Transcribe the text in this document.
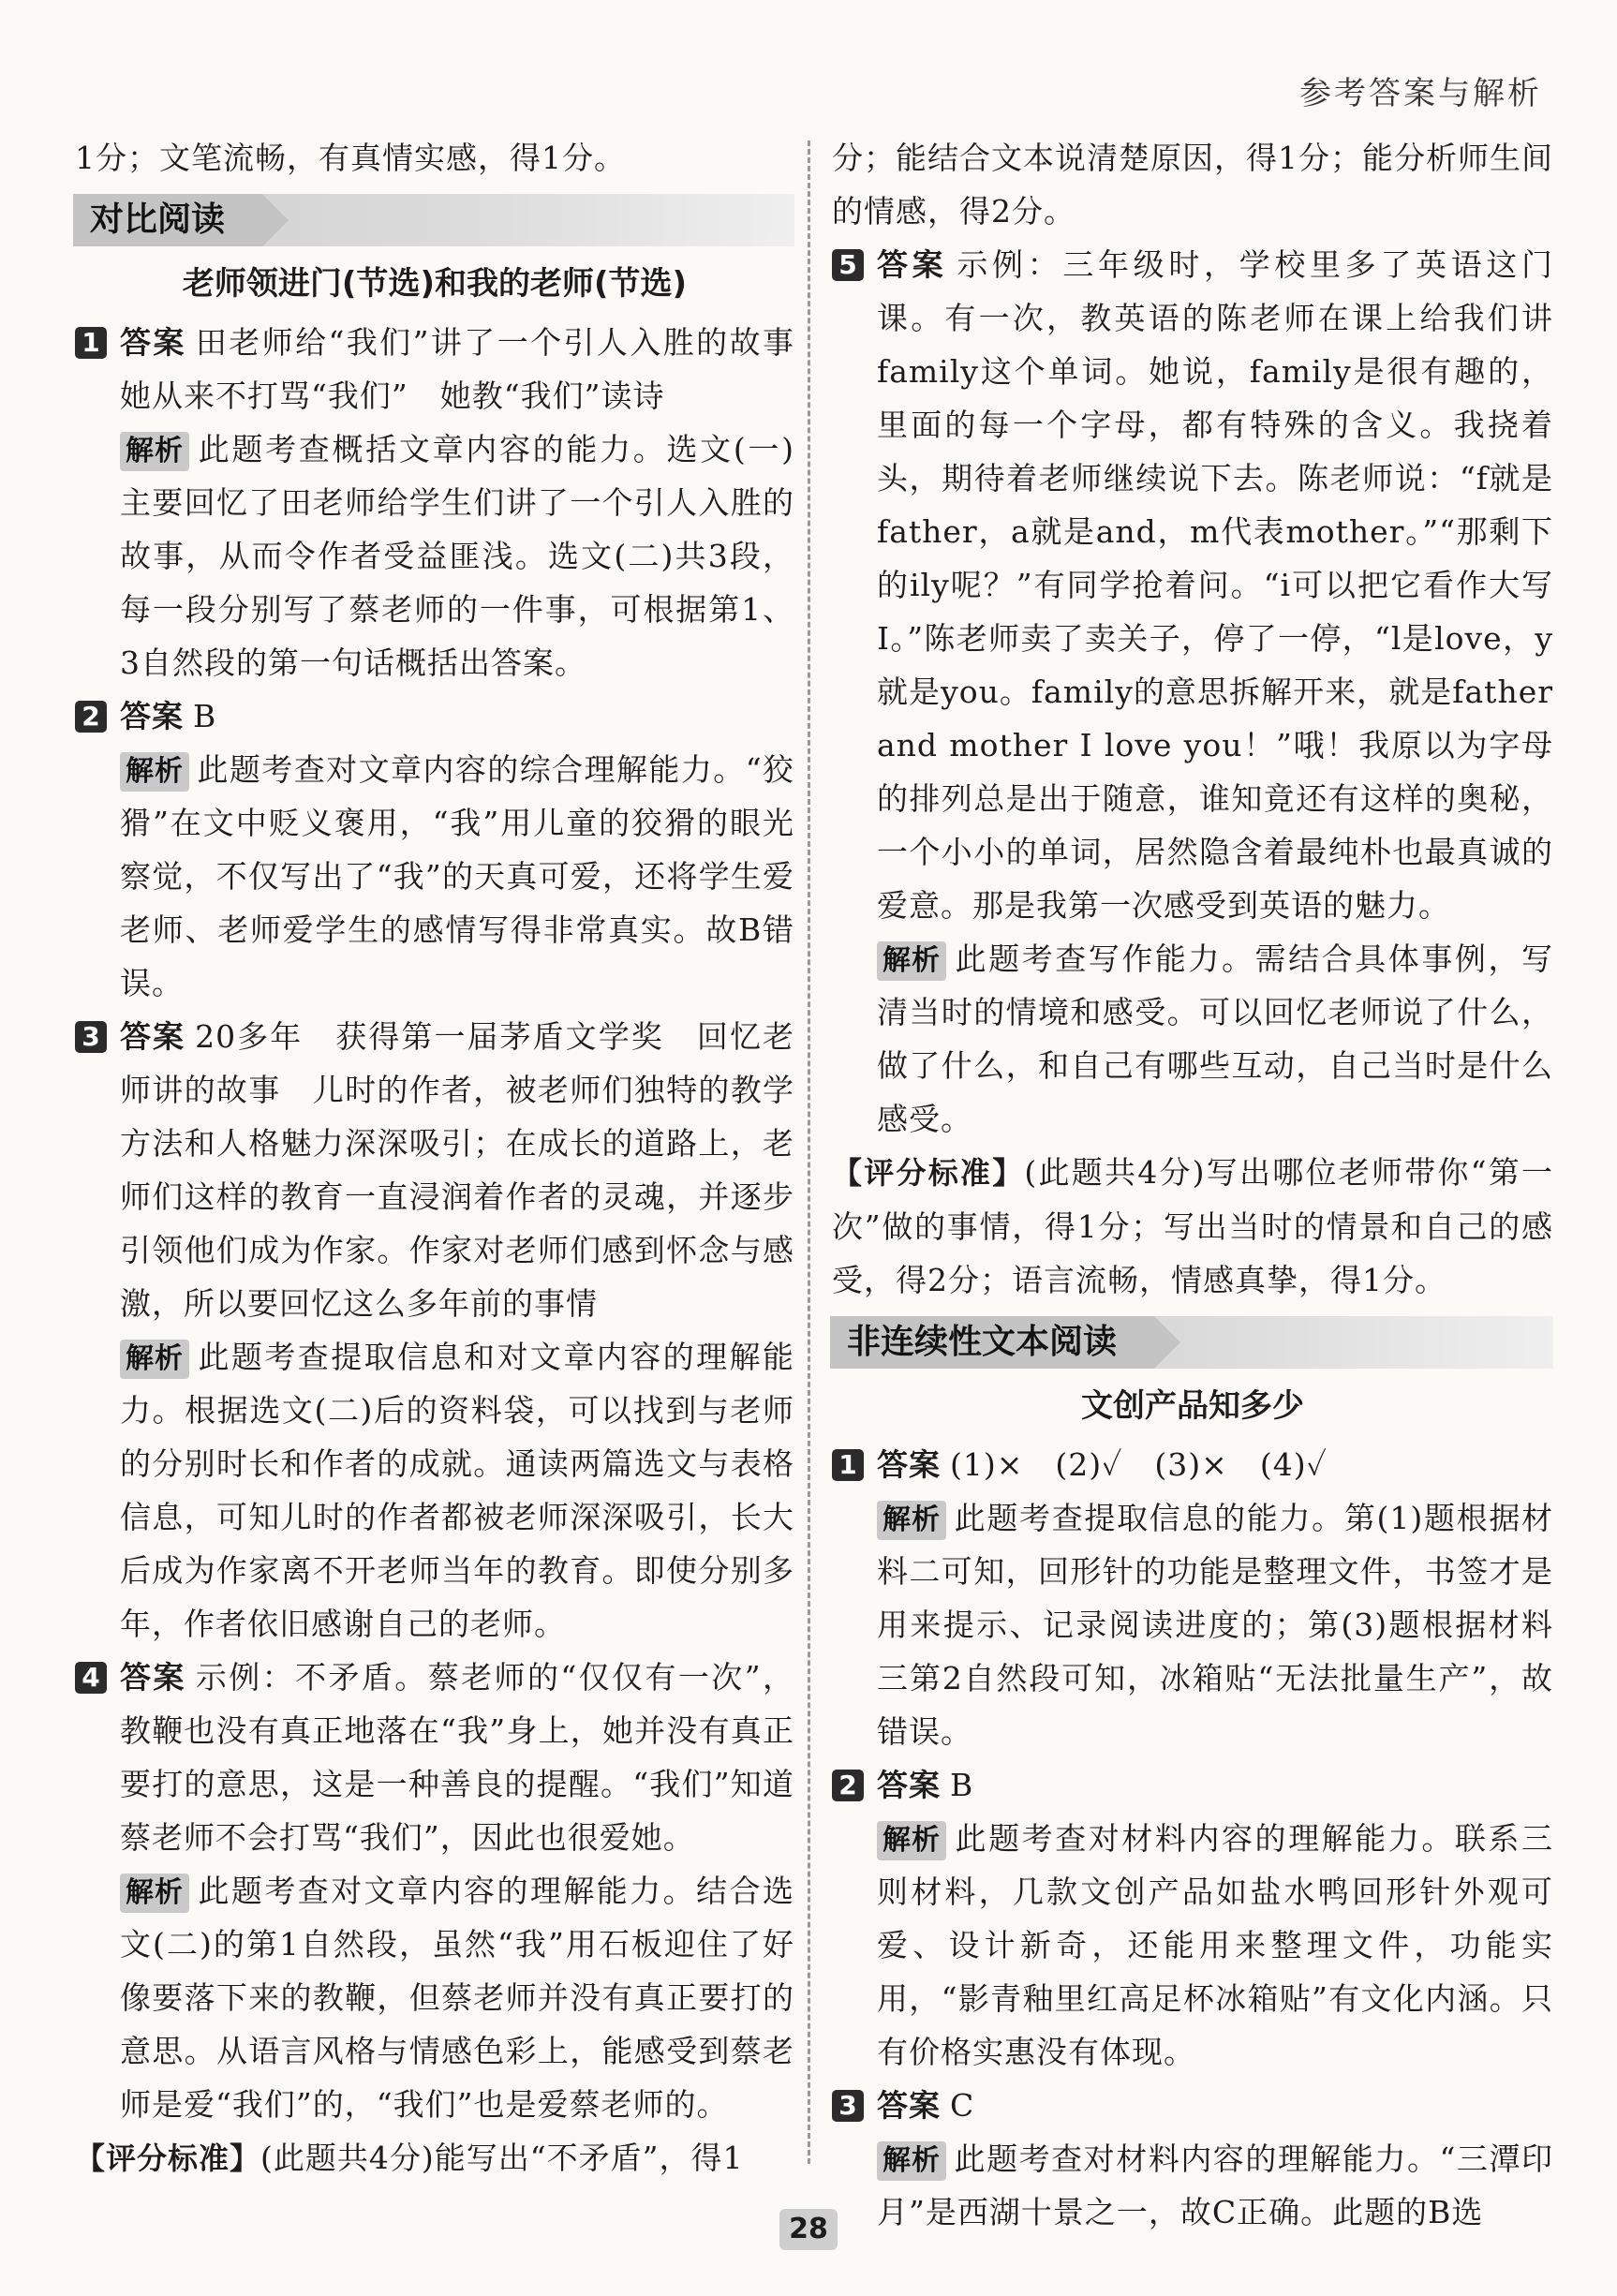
参考答案与解析

1分；文笔流畅，有真情实感，得1分。

对比阅读
老师领进门(节选)和我的老师(节选)
1 答案 田老师给“我们”讲了一个引人入胜的故事　她从来不打骂“我们”　她教“我们”读诗

解析 此题考查概括文章内容的能力。选文(一)主要回忆了田老师给学生们讲了一个引人入胜的故事，从而令作者受益匪浅。选文(二)共3段，每一段分别写了蔡老师的一件事，可根据第1、3自然段的第一句话概括出答案。

2 答案 B

解析 此题考查对文章内容的综合理解能力。“狡猾”在文中贬义褒用，“我”用儿童的狡猾的眼光察觉，不仅写出了“我”的天真可爱，还将学生爱老师、老师爱学生的感情写得非常真实。故B错误。

3 答案 20多年　获得第一届茅盾文学奖　回忆老师讲的故事　儿时的作者，被老师们独特的教学方法和人格魅力深深吸引；在成长的道路上，老师们这样的教育一直浸润着作者的灵魂，并逐步引领他们成为作家。作家对老师们感到怀念与感激，所以要回忆这么多年前的事情

解析 此题考查提取信息和对文章内容的理解能力。根据选文(二)后的资料袋，可以找到与老师的分别时长和作者的成就。通读两篇选文与表格信息，可知儿时的作者都被老师深深吸引，长大后成为作家离不开老师当年的教育。即使分别多年，作者依旧感谢自己的老师。

4 答案 示例：不矛盾。蔡老师的“仅仅有一次”，教鞭也没有真正地落在“我”身上，她并没有真正要打的意思，这是一种善良的提醒。“我们”知道蔡老师不会打骂“我们”，因此也很爱她。

解析 此题考查对文章内容的理解能力。结合选文(二)的第1自然段，虽然“我”用石板迎住了好像要落下来的教鞭，但蔡老师并没有真正要打的意思。从语言风格与情感色彩上，能感受到蔡老师是爱“我们”的，“我们”也是爱蔡老师的。

【评分标准】(此题共4分)能写出“不矛盾”，得1

分；能结合文本说清楚原因，得1分；能分析师生间的情感，得2分。

5 答案 示例：三年级时，学校里多了英语这门课。有一次，教英语的陈老师在课上给我们讲family这个单词。她说，family是很有趣的，里面的每一个字母，都有特殊的含义。我挠着头，期待着老师继续说下去。陈老师说：“f就是father，a就是and，m代表mother。”“那剩下的ily呢？”有同学抢着问。“i可以把它看作大写I。”陈老师卖了卖关子，停了一停，“l是love，y就是you。family的意思拆解开来，就是father and mother I love you！”哦！我原以为字母的排列总是出于随意，谁知竟还有这样的奥秘，一个小小的单词，居然隐含着最纯朴也最真诚的爱意。那是我第一次感受到英语的魅力。

解析 此题考查写作能力。需结合具体事例，写清当时的情境和感受。可以回忆老师说了什么，做了什么，和自己有哪些互动，自己当时是什么感受。

【评分标准】(此题共4分)写出哪位老师带你“第一次”做的事情，得1分；写出当时的情景和自己的感受，得2分；语言流畅，情感真挚，得1分。

非连续性文本阅读
文创产品知多少
1 答案 (1)×　(2)✓　(3)×　(4)✓

解析 此题考查提取信息的能力。第(1)题根据材料二可知，回形针的功能是整理文件，书签才是用来提示、记录阅读进度的；第(3)题根据材料三第2自然段可知，冰箱贴“无法批量生产”，故错误。

2 答案 B

解析 此题考查对材料内容的理解能力。联系三则材料，几款文创产品如盐水鸭回形针外观可爱、设计新奇，还能用来整理文件，功能实用，“影青釉里红高足杯冰箱贴”有文化内涵。只有价格实惠没有体现。

3 答案 C

解析 此题考查对材料内容的理解能力。“三潭印月”是西湖十景之一，故C正确。此题的B选

28
